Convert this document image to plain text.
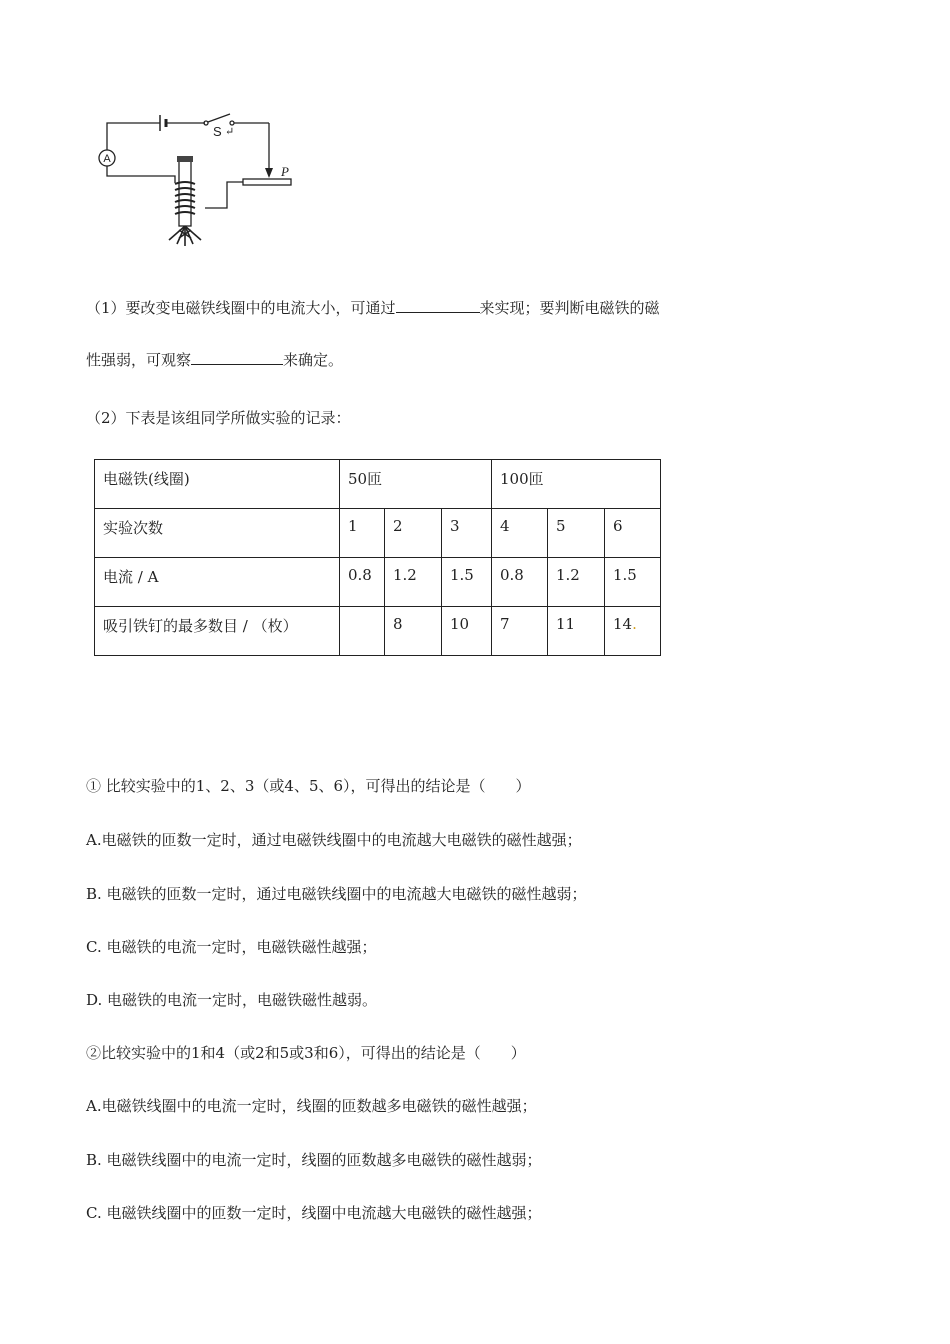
A
S ↵
P
（1）要改变电磁铁线圈中的电流大小，可通过	来实现；要判断电磁铁的磁
性强弱，可观察	来确定。
（2）下表是该组同学所做实验的记录：
电磁铁(线圈)	50匝			100匝		
实验次数	1	2	3	4	5	6
电流 / A	0.8	1.2	1.5	0.8	1.2	1.5
吸引铁钉的最多数目 / （枚）		8	10	7	11	14.
① 比较实验中的1、2、3（或4、5、6），可得出的结论是（　　）
A.电磁铁的匝数一定时，通过电磁铁线圈中的电流越大电磁铁的磁性越强；
B. 电磁铁的匝数一定时，通过电磁铁线圈中的电流越大电磁铁的磁性越弱；
C. 电磁铁的电流一定时，电磁铁磁性越强；
D. 电磁铁的电流一定时，电磁铁磁性越弱。
②比较实验中的1和4（或2和5或3和6），可得出的结论是（　　）
A.电磁铁线圈中的电流一定时，线圈的匝数越多电磁铁的磁性越强；
B. 电磁铁线圈中的电流一定时，线圈的匝数越多电磁铁的磁性越弱；
C. 电磁铁线圈中的匝数一定时，线圈中电流越大电磁铁的磁性越强；
